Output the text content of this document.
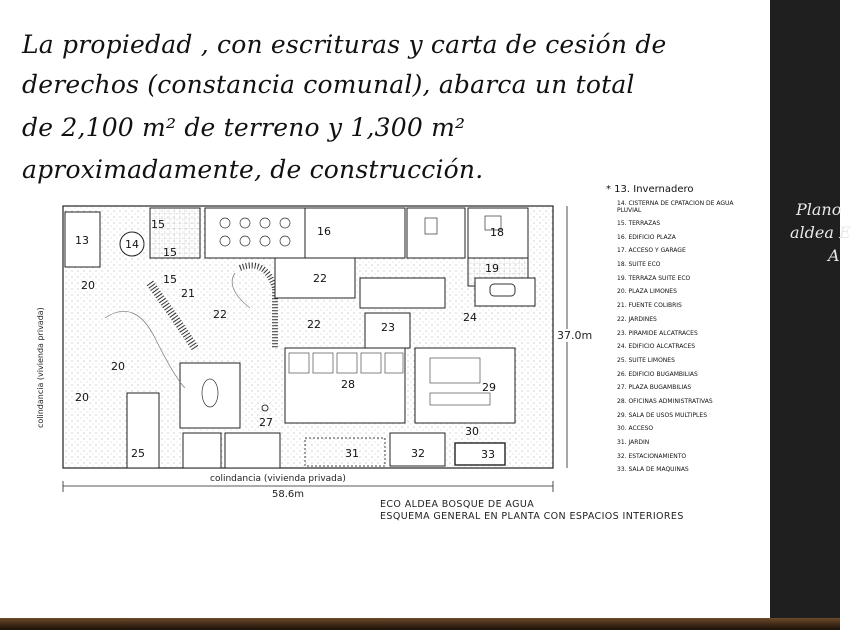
La propiedad , con escrituras y carta de cesión de
derechos (constancia comunal), abarca un total
de 2,100 m² de terreno y 1,300 m²
aproximadamente, de construcción.
13	14
15
15
15
16	18
19
20
20
20
21
22
22
22	23
24
25
27
28	29
30
31	32	33
colindancia (vivienda privada)
colindancia (vivienda privada)
58.6m
37.0m
* 13. Invernadero
14. CISTERNA DE CPATACION DE AGUA PLUVIAL
15. TERRAZAS
16. EDIFICIO PLAZA
17. ACCESO Y GARAGE
18. SUITE ECO
19. TERRAZA SUITE ECO
20. PLAZA LIMONES
21. FUENTE COLIBRIS
22. JARDINES
23. PIRAMIDE ALCATRACES
24. EDIFICIO ALCATRACES
25. SUITE LIMONES
26. EDIFICIO BUGAMBILIAS
27. PLAZA BUGAMBILIAS
28. OFICINAS ADMINISTRATIVAS
29. SALA DE USOS MULTIPLES
30. ACCESO
31. JARDIN
32. ESTACIONAMIENTO
33. SALA DE MAQUINAS
ECO ALDEA BOSQUE DE AGUA
ESQUEMA GENERAL EN PLANTA CON ESPACIOS INTERIORES
Plano
aldea E
A
